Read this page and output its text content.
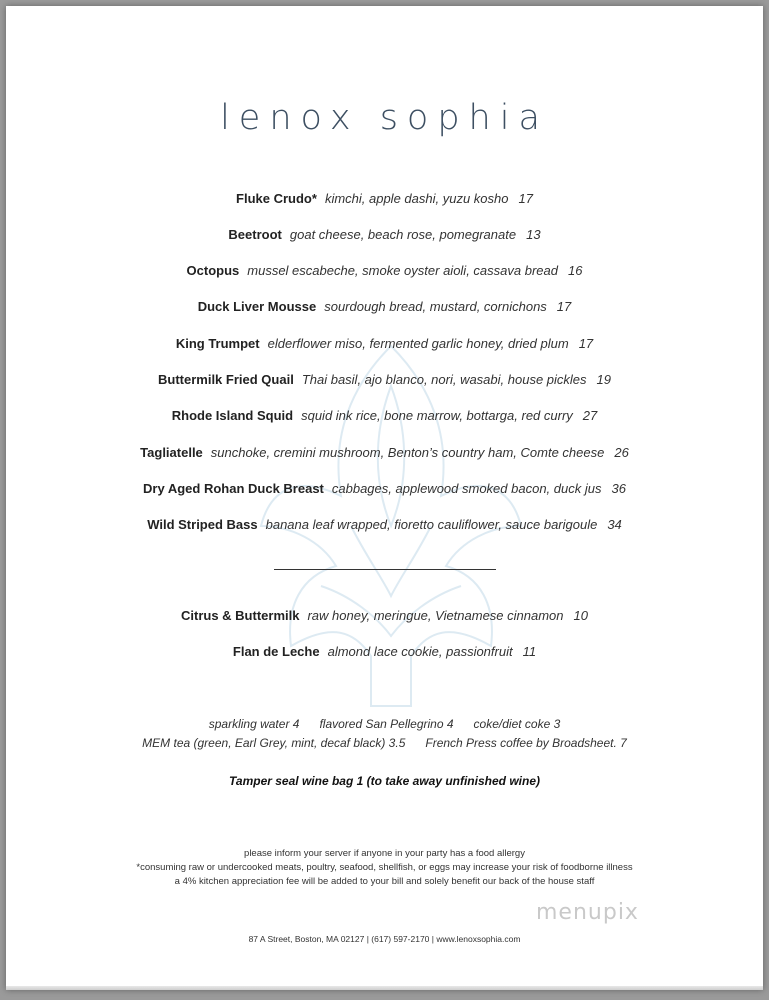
lenox sophia
Fluke Crudo* kimchi, apple dashi, yuzu kosho 17
Beetroot goat cheese, beach rose, pomegranate 13
Octopus mussel escabeche, smoke oyster aioli, cassava bread 16
Duck Liver Mousse sourdough bread, mustard, cornichons 17
King Trumpet elderflower miso, fermented garlic honey, dried plum 17
Buttermilk Fried Quail Thai basil, ajo blanco, nori, wasabi, house pickles 19
Rhode Island Squid squid ink rice, bone marrow, bottarga, red curry 27
Tagliatelle sunchoke, cremini mushroom, Benton’s country ham, Comte cheese 26
Dry Aged Rohan Duck Breast cabbages, applewood smoked bacon, duck jus 36
Wild Striped Bass banana leaf wrapped, fioretto cauliflower, sauce barigoule 34
Citrus & Buttermilk raw honey, meringue, Vietnamese cinnamon 10
Flan de Leche almond lace cookie, passionfruit 11
sparkling water 4 flavored San Pellegrino 4 coke/diet coke 3
MEM tea (green, Earl Grey, mint, decaf black) 3.5 French Press coffee by Broadsheet. 7
Tamper seal wine bag 1 (to take away unfinished wine)
please inform your server if anyone in your party has a food allergy
*consuming raw or undercooked meats, poultry, seafood, shellfish, or eggs may increase your risk of foodborne illness
a 4% kitchen appreciation fee will be added to your bill and solely benefit our back of the house staff
menupix
87 A Street, Boston, MA 02127 | (617) 597-2170 | www.lenoxsophia.com
